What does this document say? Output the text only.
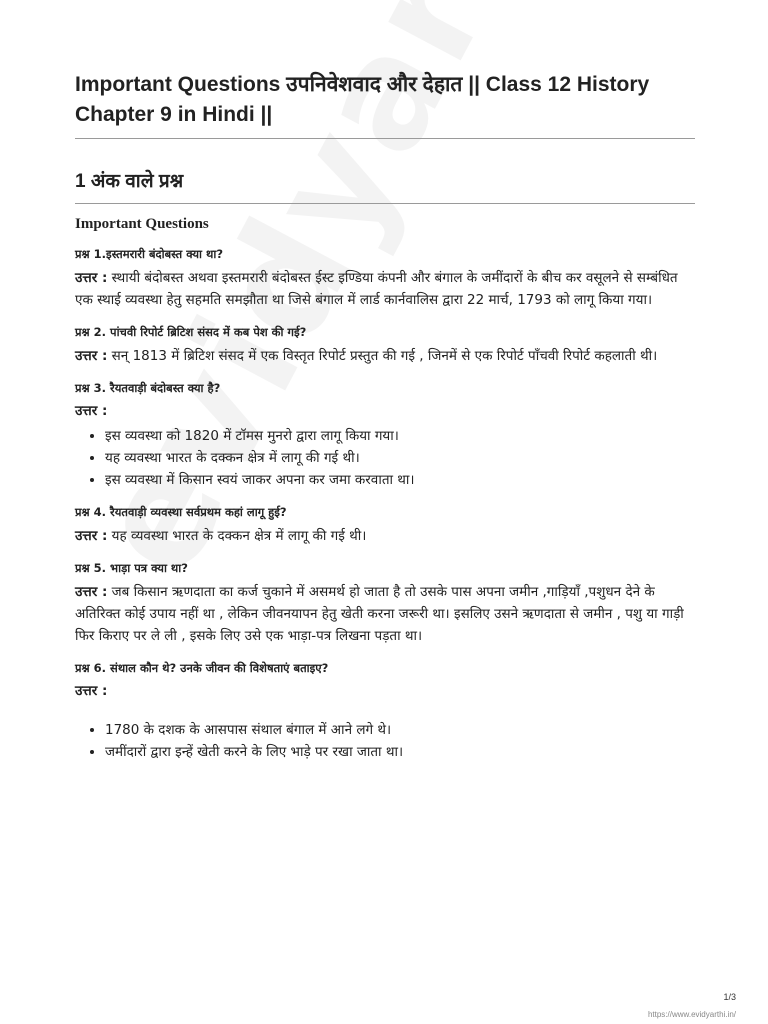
Important Questions उपनिवेशवाद और देहात || Class 12 History Chapter 9 in Hindi ||
1 अंक वाले प्रश्न
Important Questions
प्रश्न 1.इस्तमरारी बंदोबस्त क्या था?

उत्तर : स्थायी बंदोबस्त अथवा इस्तमरारी बंदोबस्त ईस्ट इण्डिया कंपनी और बंगाल के जमींदारों के बीच कर वसूलने से सम्बंधित एक स्थाई व्यवस्था हेतु सहमति समझौता था जिसे बंगाल में लार्ड कार्नवालिस द्वारा 22 मार्च, 1793 को लागू किया गया।

प्रश्न 2. पांचवी रिपोर्ट ब्रिटिश संसद में कब पेश की गई?

उत्तर : सन् 1813 में ब्रिटिश संसद में एक विस्तृत रिपोर्ट प्रस्तुत की गई , जिनमें से एक रिपोर्ट पाँचवी रिपोर्ट कहलाती थी।

प्रश्न 3. रैयतवाड़ी बंदोबस्त क्या है?
उत्तर :
• इस व्यवस्था को 1820 में टॉमस मुनरो द्वारा लागू किया गया।
• यह व्यवस्था भारत के दक्कन क्षेत्र में लागू की गई थी।
• इस व्यवस्था में किसान स्वयं जाकर अपना कर जमा करवाता था।
प्रश्न 4. रैयतवाड़ी व्यवस्था सर्वप्रथम कहां लागू हुई?

उत्तर : यह व्यवस्था भारत के दक्कन क्षेत्र में लागू की गई थी।

प्रश्न 5. भाड़ा पत्र क्या था?

उत्तर : जब किसान ऋणदाता का कर्ज चुकाने में असमर्थ हो जाता है तो उसके पास अपना जमीन ,गाड़ियाँ ,पशुधन देने के अतिरिक्त कोई उपाय नहीं था , लेकिन जीवनयापन हेतु खेती करना जरूरी था। इसलिए उसने ऋणदाता से जमीन , पशु या गाड़ी फिर किराए पर ले ली , इसके लिए उसे एक भाड़ा-पत्र लिखना पड़ता था।

प्रश्न 6. संथाल कौन थे? उनके जीवन की विशेषताएं बताइए?
उत्तर :
• 1780 के दशक के आसपास संथाल बंगाल में आने लगे थे।
• जमींदारों द्वारा इन्हें खेती करने के लिए भाड़े पर रखा जाता था।
1/3
https://www.evidyarthi.in/
